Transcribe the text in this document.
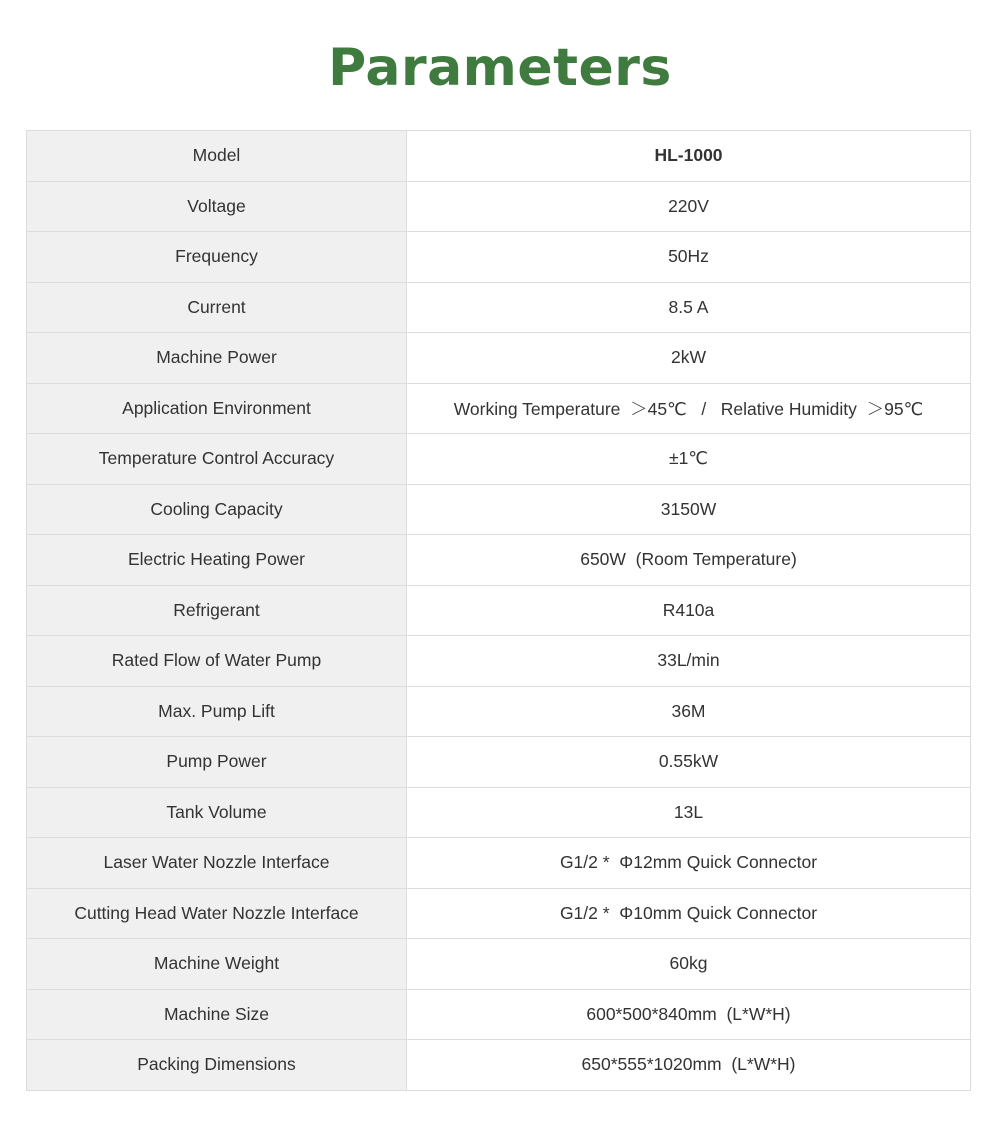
Parameters
Model	HL-1000
Voltage	220V
Frequency	50Hz
Current	8.5 A
Machine Power	2kW
Application Environment	Working Temperature  ＞45℃   /   Relative Humidity  ＞95℃
Temperature Control Accuracy	±1℃
Cooling Capacity	3150W
Electric Heating Power	650W  (Room Temperature)
Refrigerant	R410a
Rated Flow of Water Pump	33L/min
Max. Pump Lift	36M
Pump Power	0.55kW
Tank Volume	13L
Laser Water Nozzle Interface	G1/2 *  Φ12mm Quick Connector
Cutting Head Water Nozzle Interface	G1/2 *  Φ10mm Quick Connector
Machine Weight	60kg
Machine Size	600*500*840mm  (L*W*H)
Packing Dimensions	650*555*1020mm  (L*W*H)
